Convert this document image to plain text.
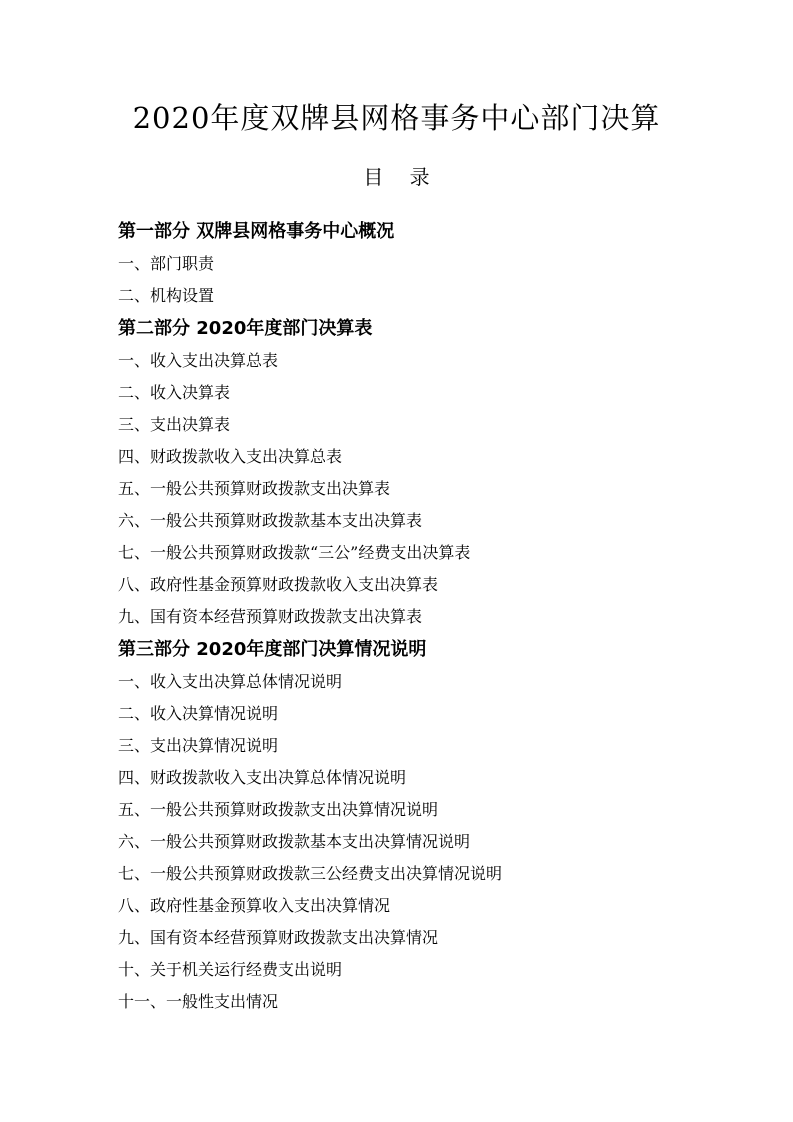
2020年度双牌县网格事务中心部门决算
目 录
第一部分 双牌县网格事务中心概况
一、部门职责
二、机构设置
第二部分 2020年度部门决算表
一、收入支出决算总表
二、收入决算表
三、支出决算表
四、财政拨款收入支出决算总表
五、一般公共预算财政拨款支出决算表
六、一般公共预算财政拨款基本支出决算表
七、一般公共预算财政拨款“三公”经费支出决算表
八、政府性基金预算财政拨款收入支出决算表
九、国有资本经营预算财政拨款支出决算表
第三部分 2020年度部门决算情况说明
一、收入支出决算总体情况说明
二、收入决算情况说明
三、支出决算情况说明
四、财政拨款收入支出决算总体情况说明
五、一般公共预算财政拨款支出决算情况说明
六、一般公共预算财政拨款基本支出决算情况说明
七、一般公共预算财政拨款三公经费支出决算情况说明
八、政府性基金预算收入支出决算情况
九、国有资本经营预算财政拨款支出决算情况
十、关于机关运行经费支出说明
十一、一般性支出情况
